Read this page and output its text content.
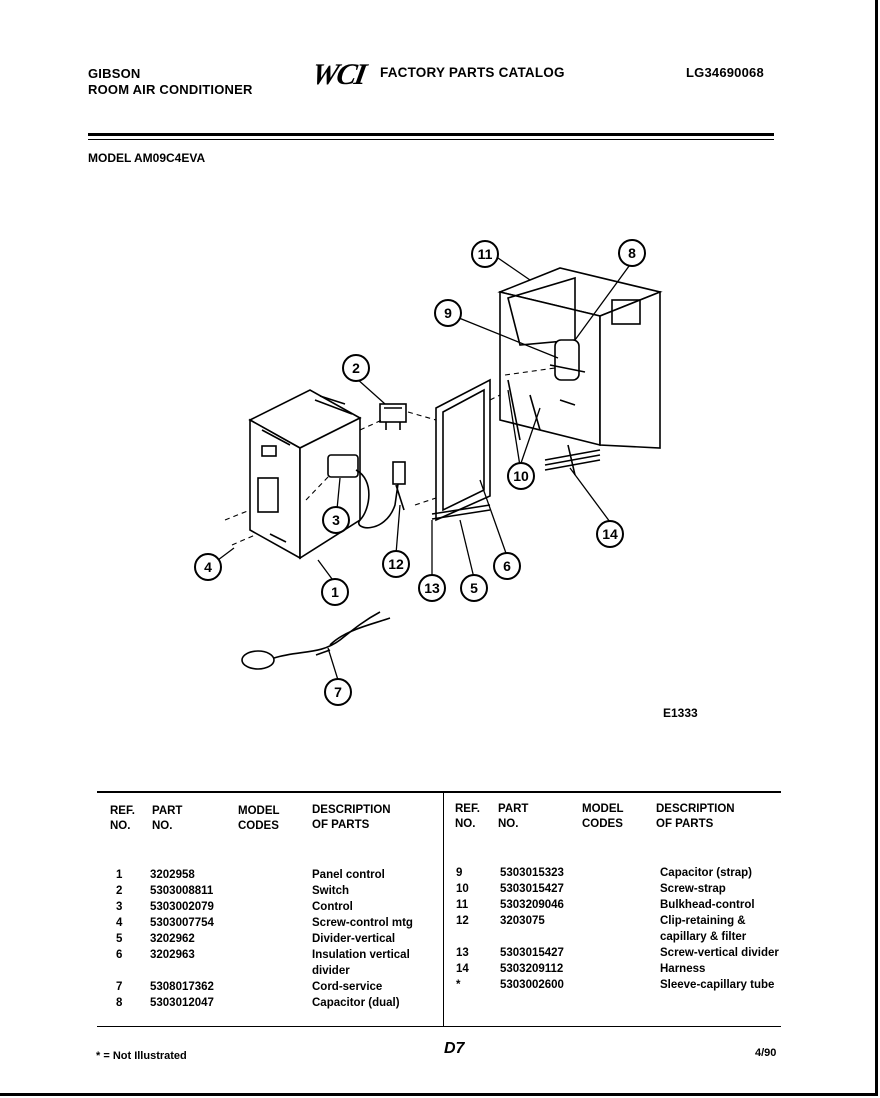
GIBSON
ROOM AIR CONDITIONER WCI FACTORY PARTS CATALOG	LG34690068
MODEL AM09C4EVA
1
2
3
4
5
6
7
8
9
10
11
12
13
14
E1333
REF.
NO.
PART
NO.
MODEL
CODES
DESCRIPTION
OF PARTS
REF.
NO.
PART
NO.
MODEL
CODES
DESCRIPTION
OF PARTS
1	3202958	Panel control
2	5303008811	Switch
3	5303002079	Control
4	5303007754	Screw-control mtg
5	3202962	Divider-vertical
6	3202963	Insulation vertical
		divider
7	5308017362	Cord-service
8	5303012047	Capacitor (dual)
9	5303015323	Capacitor (strap)
10	5303015427	Screw-strap
11	5303209046	Bulkhead-control
12	3203075	Clip-retaining &
		capillary & filter
13	5303015427	Screw-vertical divider
14	5303209112	Harness
*	5303002600	Sleeve-capillary tube
* = Not Illustrated	D7	4/90
